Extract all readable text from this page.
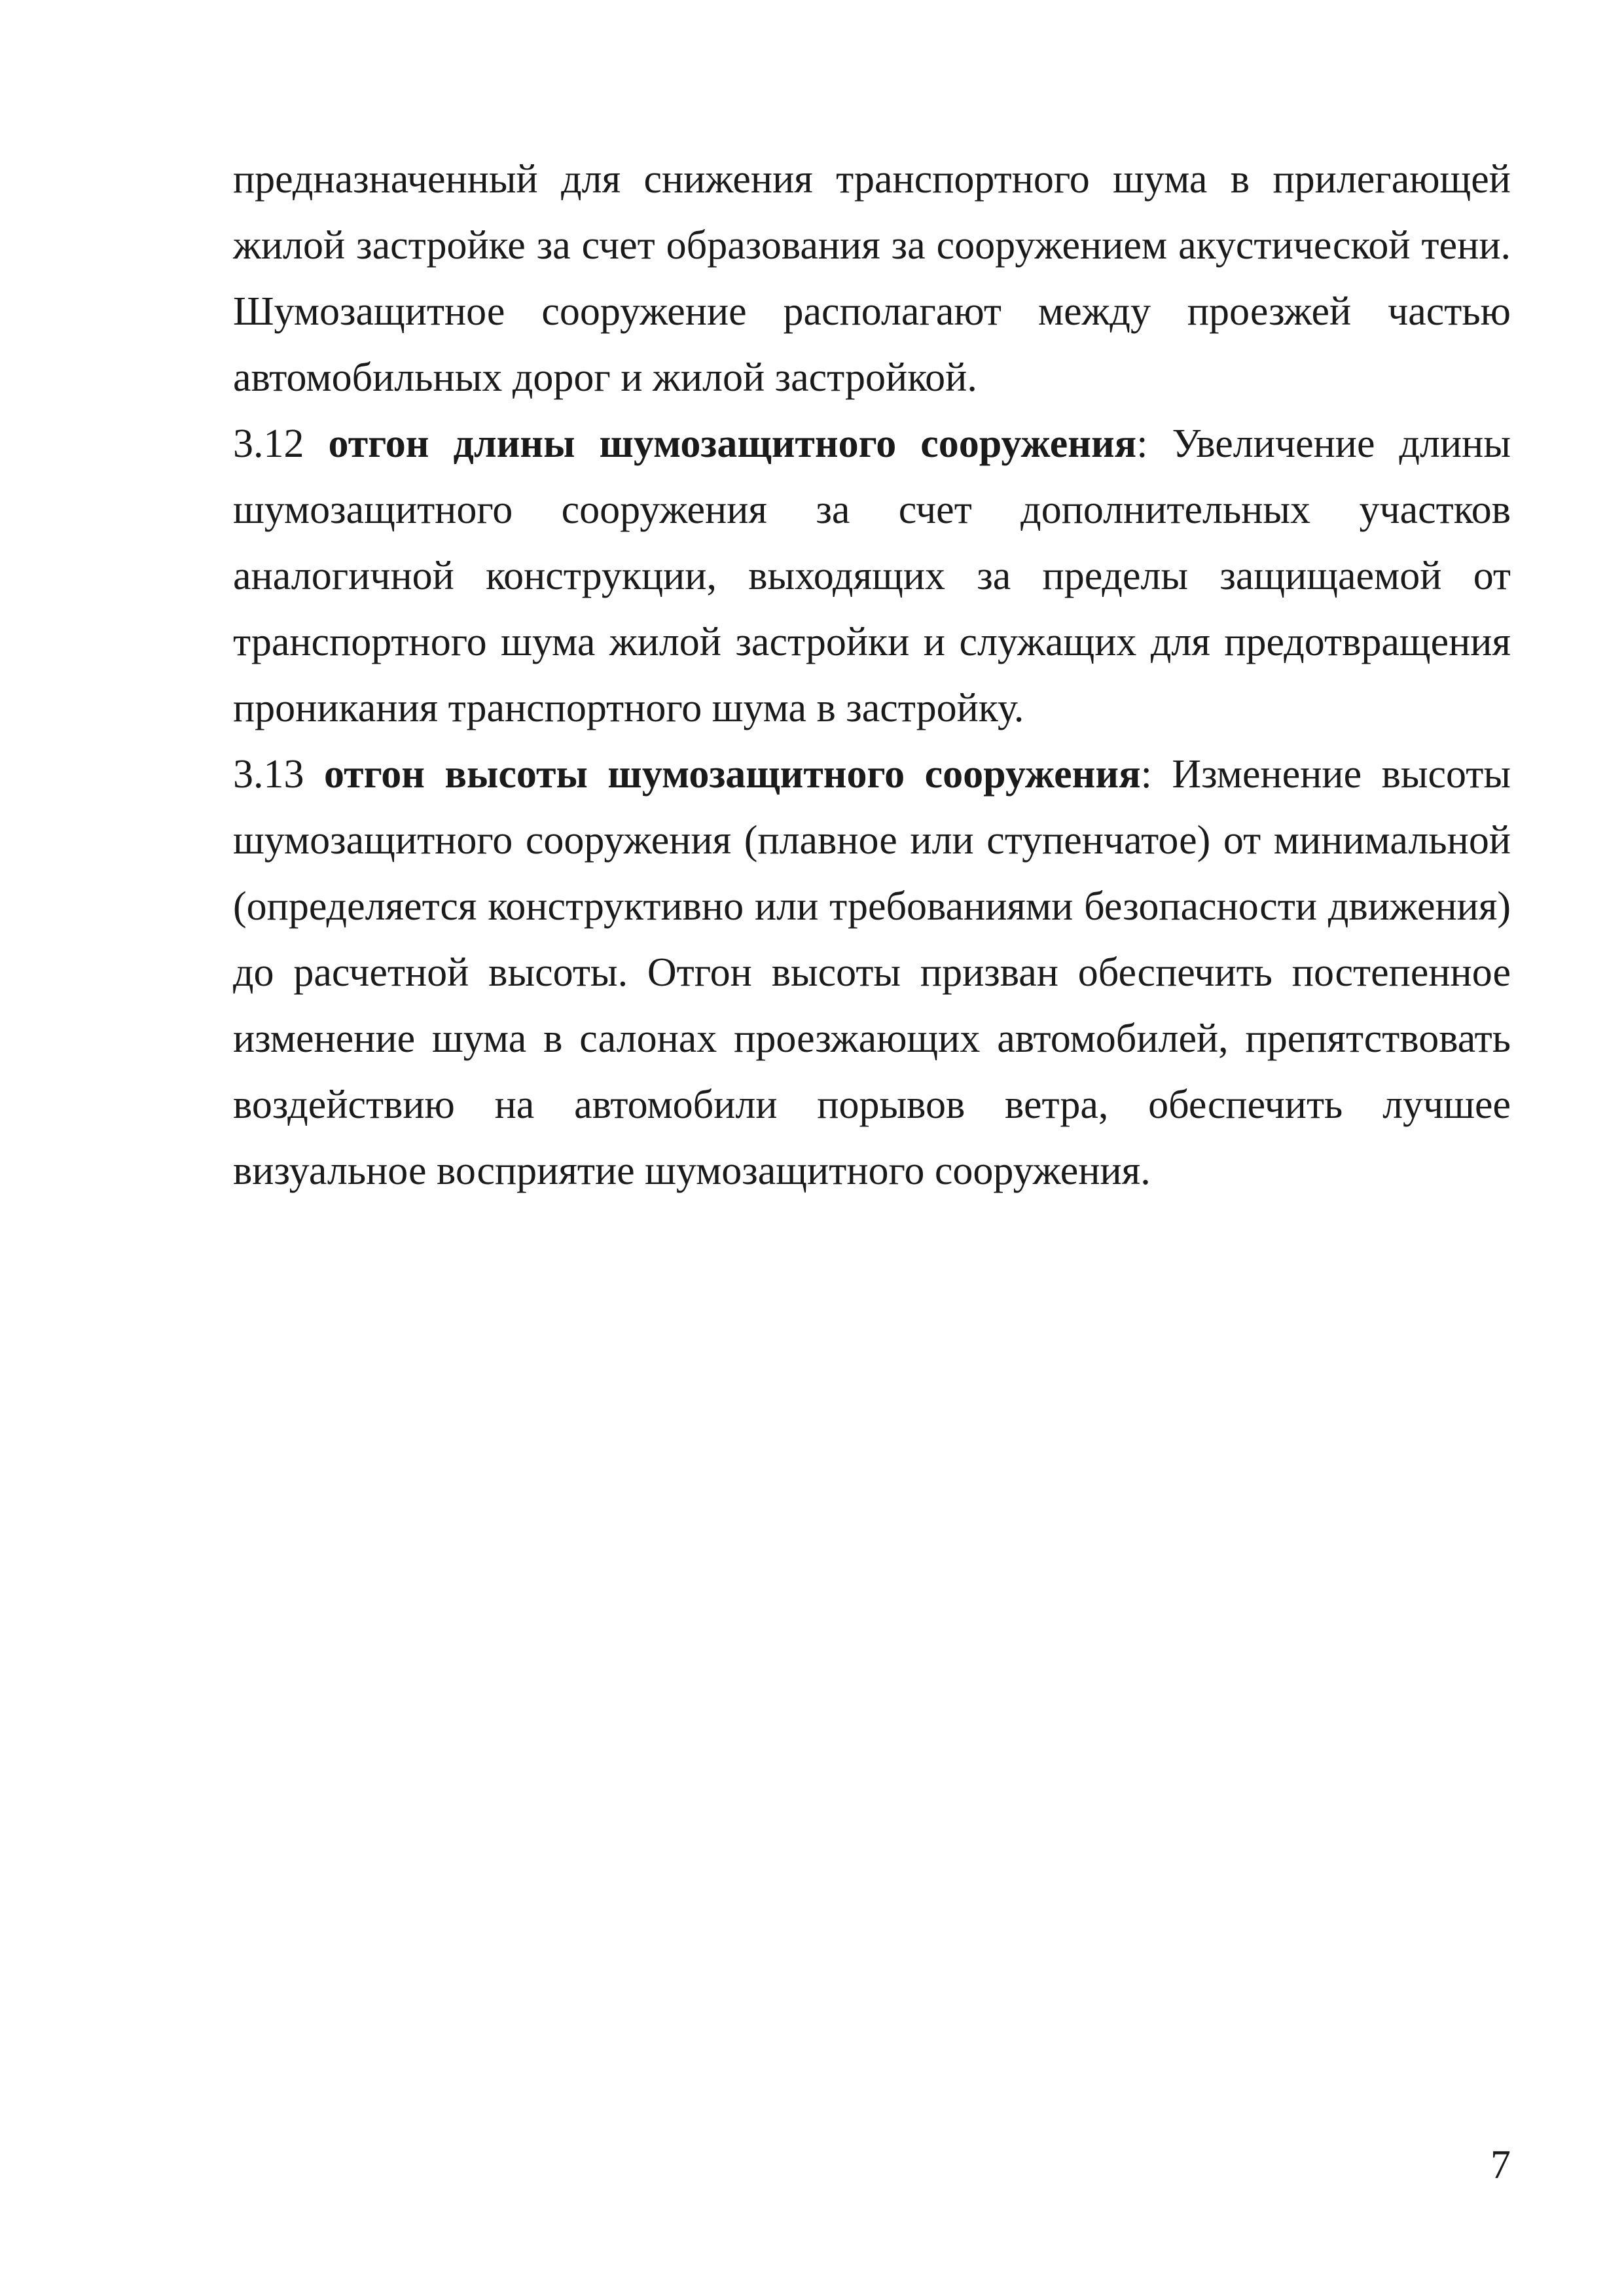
предназначенный для снижения транспортного шума в прилегающей жилой застройке за счет образования за сооружением акустической тени. Шумозащитное сооружение располагают между проезжей частью автомобильных дорог и жилой застройкой.

3.12 отгон длины шумозащитного сооружения: Увеличение длины шумозащитного сооружения за счет дополнительных участков аналогичной конструкции, выходящих за пределы защищаемой от транспортного шума жилой застройки и служащих для предотвращения проникания транспортного шума в застройку.

3.13 отгон высоты шумозащитного сооружения: Изменение высоты шумозащитного сооружения (плавное или ступенчатое) от минимальной (определяется конструктивно или требованиями безопасности движения) до расчетной высоты. Отгон высоты призван обеспечить постепенное изменение шума в салонах проезжающих автомобилей, препятствовать воздействию на автомобили порывов ветра, обеспечить лучшее визуальное восприятие шумозащитного сооружения.

7
